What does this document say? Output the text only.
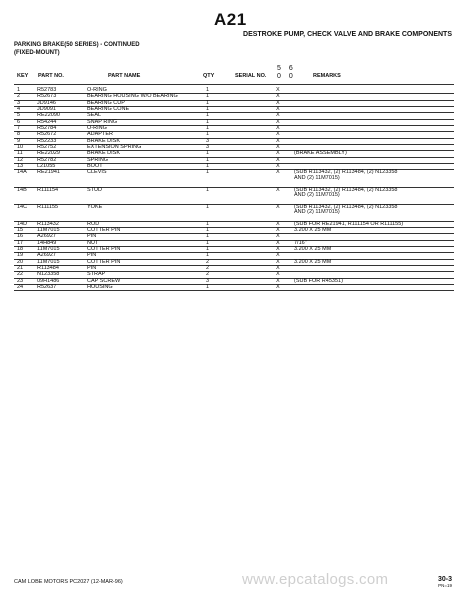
A21
DESTROKE PUMP, CHECK VALVE AND BRAKE COMPONENTS
PARKING BRAKE(50 SERIES) - CONTINUED
(FIXED-MOUNT)
5 6
0 0
KEY PART NO.	PART NAME	QTY	SERIAL NO.	REMARKS
1	R52783	O-RING	1	X
2	R52673	BEARING HOUSING W/O BEARING	1	X
3	JD9146	BEARING CUP	1	X
4	JD9091	BEARING CONE	1	X
5	RE22090	SEAL	1	X
6	R54244	SNAP RING	1	X
7	R52784	O-RING	1	X
8	R52672	ADAPTER	1	X
9	R52233	BRAKE DISK	3	X
10	R52752	EXTENSION SPRING	3	X
11	RE22029	BRAKE DISK	1	X	(BRAKE ASSEMBLY)
12	R52782	SPRING	1	X
13	L21055	BOOT	1	X
14A	RE21941	CLEVIS	1	X	(SUB R113432, (2) R113484, (2) N123358
AND (2) 11M7015)
14B	R111154	STUD	1	X	(SUB R113432, (2) R113484, (2) N123358
AND (2) 11M7015)
14C	R111155	YOKE	1	X	(SUB R113432, (2) R113484, (2) N123358
AND (2) 11M7015)
14D	R113432	ROD	1	X	(SUB FOR RE21941, R111154 OR R111155)
15	11M7015	COTTER PIN	1	X	3.200 X 25 MM
16	A26927	PIN	1	X
17	14H849	NUT	1	X	7/16"
18	11M7015	COTTER PIN	1	X	3.200 X 25 MM
19	A26927	PIN	1	X
20	11M7015	COTTER PIN	2	X	3.200 X 25 MM
21	R113484	PIN	2	X
22	N123358	STRAP	2	X
23	09H1486	CAP SCREW	3	X	(SUB FOR R45351)
24	R52637	HOUSING	1	X
www.epcatalogs.com
CAM LOBE MOTORS PC2027 (12-MAR-96)	30-3
PN=19
